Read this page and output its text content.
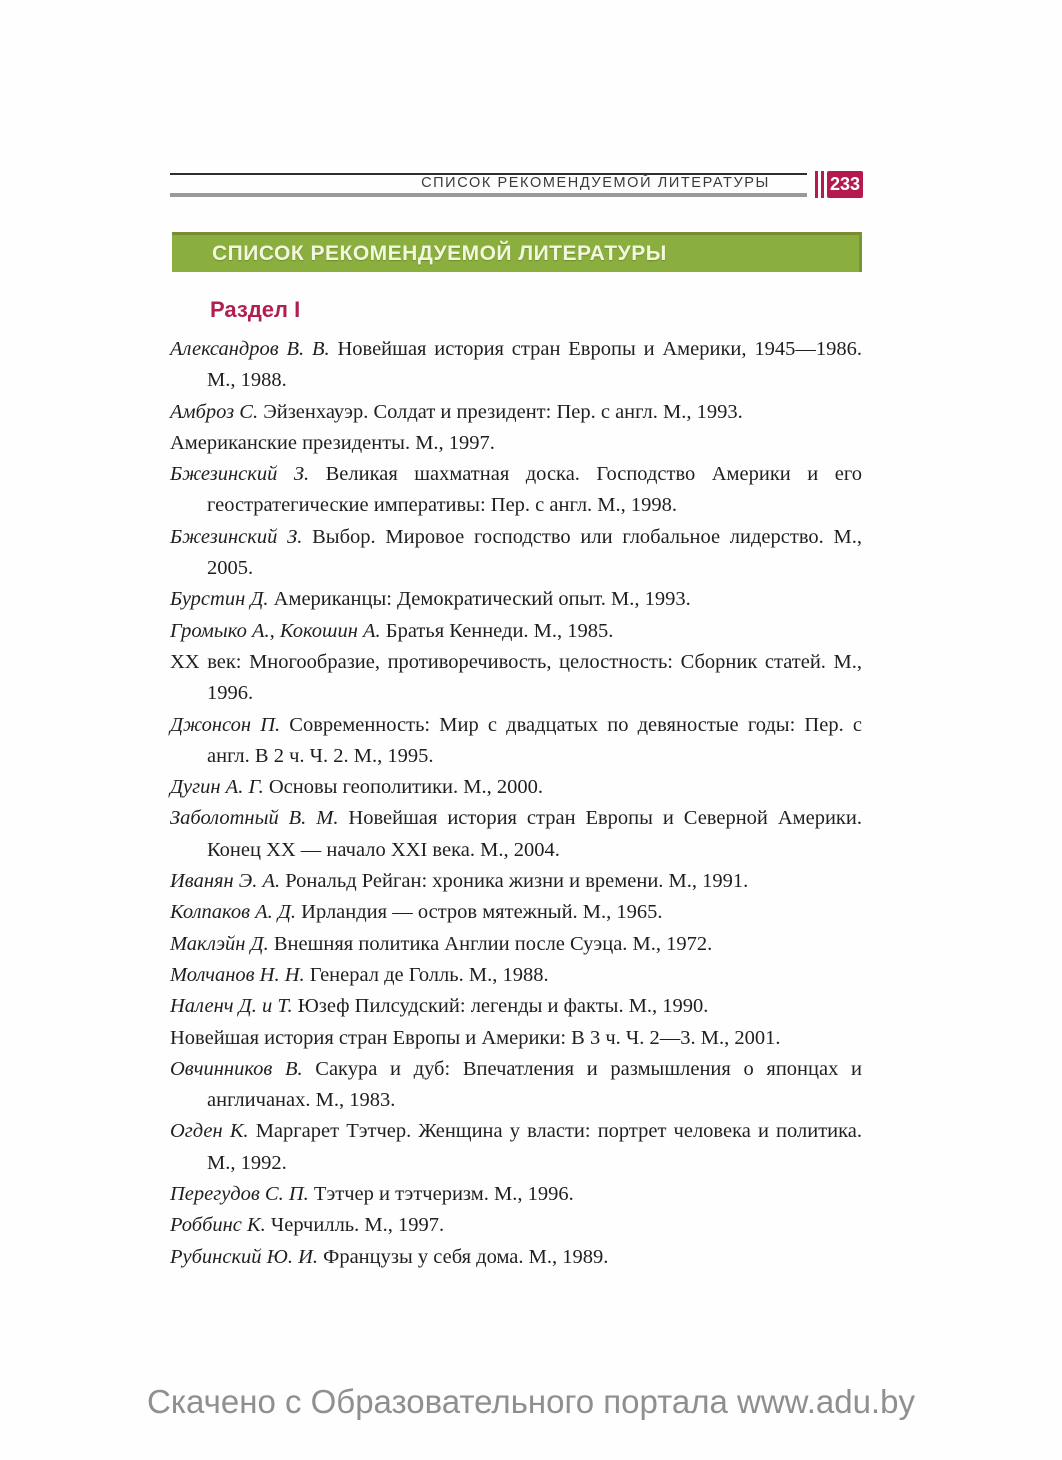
СПИСОК РЕКОМЕНДУЕМОЙ ЛИТЕРАТУРЫ	233
СПИСОК РЕКОМЕНДУЕМОЙ ЛИТЕРАТУРЫ
Раздел I

Александров В. В. Новейшая история стран Европы и Америки, 1945—1986. М., 1988.

Амброз С. Эйзенхауэр. Солдат и президент: Пер. с англ. М., 1993.

Американские президенты. М., 1997.

Бжезинский З. Великая шахматная доска. Господство Америки и его геостратегические императивы: Пер. с англ. М., 1998.

Бжезинский З. Выбор. Мировое господство или глобальное лидерство. М., 2005.

Бурстин Д. Американцы: Демократический опыт. М., 1993.

Громыко А., Кокошин А. Братья Кеннеди. М., 1985.

XX век: Многообразие, противоречивость, целостность: Сборник статей. М., 1996.

Джонсон П. Современность: Мир с двадцатых по девяностые годы: Пер. с англ. В 2 ч. Ч. 2. М., 1995.

Дугин А. Г. Основы геополитики. М., 2000.

Заболотный В. М. Новейшая история стран Европы и Северной Америки. Конец XX — начало XXI века. М., 2004.

Иванян Э. А. Рональд Рейган: хроника жизни и времени. М., 1991.

Колпаков А. Д. Ирландия — остров мятежный. М., 1965.

Маклэйн Д. Внешняя политика Англии после Суэца. М., 1972.

Молчанов Н. Н. Генерал де Голль. М., 1988.

Наленч Д. и Т. Юзеф Пилсудский: легенды и факты. М., 1990.

Новейшая история стран Европы и Америки: В 3 ч. Ч. 2—3. М., 2001.

Овчинников В. Сакура и дуб: Впечатления и размышления о японцах и англичанах. М., 1983.

Огден К. Маргарет Тэтчер. Женщина у власти: портрет человека и политика. М., 1992.

Перегудов С. П. Тэтчер и тэтчеризм. М., 1996.

Роббинс К. Черчилль. М., 1997.

Рубинский Ю. И. Французы у себя дома. М., 1989.

Скачено с Образовательного портала www.adu.by
